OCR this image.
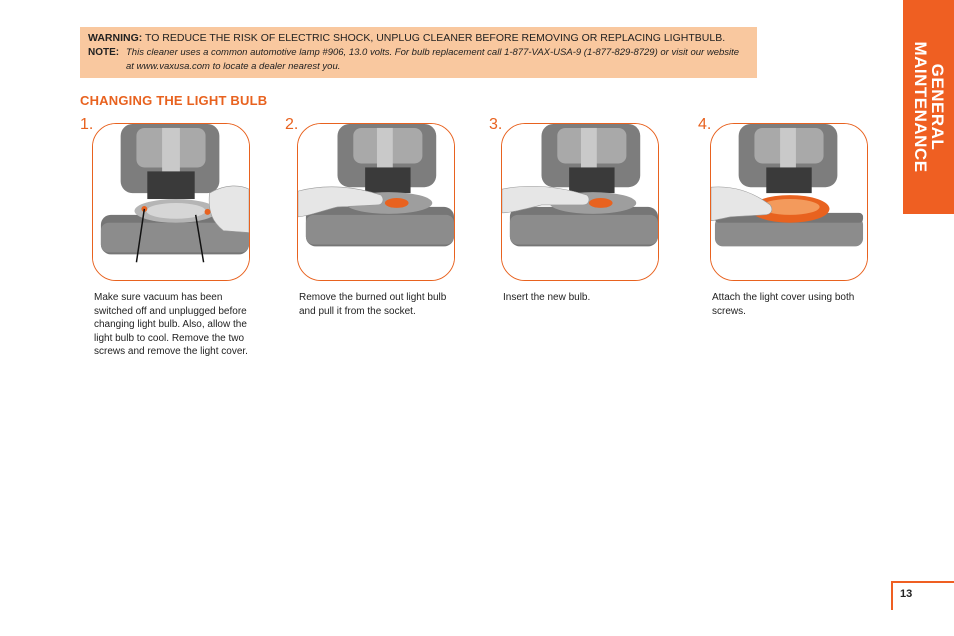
WARNING: TO REDUCE THE RISK OF ELECTRIC SHOCK, UNPLUG CLEANER BEFORE REMOVING OR REPLACING LIGHTBULB.
NOTE: This cleaner uses a common automotive lamp #906, 13.0 volts. For bulb replacement call 1-877-VAX-USA-9 (1-877-829-8729) or visit our website at www.vaxusa.com to locate a dealer nearest you.
CHANGING THE LIGHT BULB
1.
Make sure vacuum has been switched off and unplugged before changing light bulb. Also, allow the light bulb to cool. Remove the two screws and remove the light cover.
2.
Remove the burned out light bulb and pull it from the socket.
3.
Insert the new bulb.
4.
Attach the light cover using both screws.
GENERAL
MAINTENANCE
13
